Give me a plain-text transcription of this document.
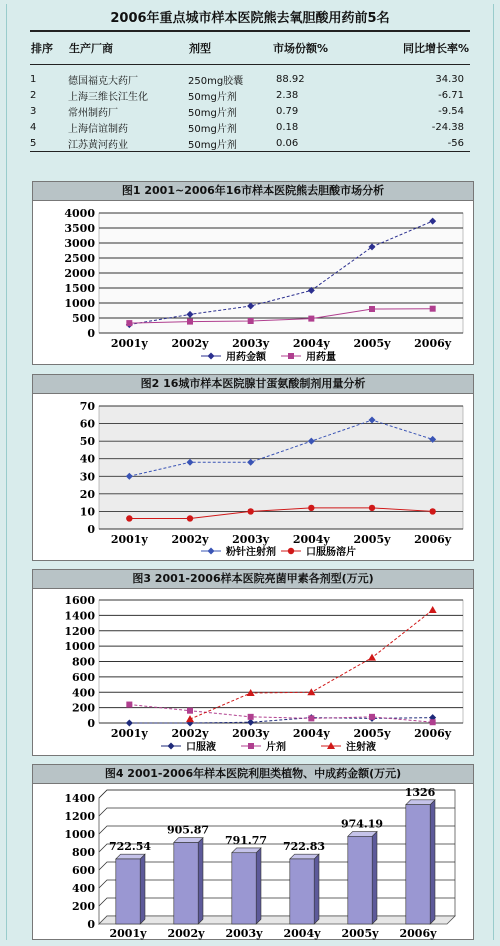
2006年重点城市样本医院熊去氧胆酸用药前5名
排序	生产厂商	剂型	市场份额%	同比增长率%
1	德国福克大药厂	250mg胶囊	88.92	34.30
2	上海三维长江生化	50mg片剂	2.38	-6.71
3	常州制药厂	50mg片剂	0.79	-9.54
4	上海信谊制药	50mg片剂	0.18	-24.38
5	江苏黄河药业	50mg片剂	0.06	-56
图1 2001~2006年16市样本医院熊去胆酸市场分析
0
500
1000
1500
2000
2500
3000
3500
4000
2001y 2002y 2003y 2004y 2005y 2006y
用药金额	用药量
图2 16城市样本医院腺甘蛋氨酸制剂用量分析
0
10
20
30
40
50
60
70
2001y 2002y 2003y 2004y 2005y 2006y
粉针注射剂	口服肠溶片
图3 2001-2006样本医院亮菌甲素各剂型(万元)
0
200
400
600
800
1000
1200
1400
1600
2001y 2002y 2003y 2004y 2005y 2006y
口服液	片剂	注射液
图4 2001-2006年样本医院利胆类植物、中成药金额(万元)
0
200
400
600
800
1000
1200
1400
722.54
2001y
905.87
2002y
791.77
2003y
722.83
2004y
974.19
2005y
1326
2006y
